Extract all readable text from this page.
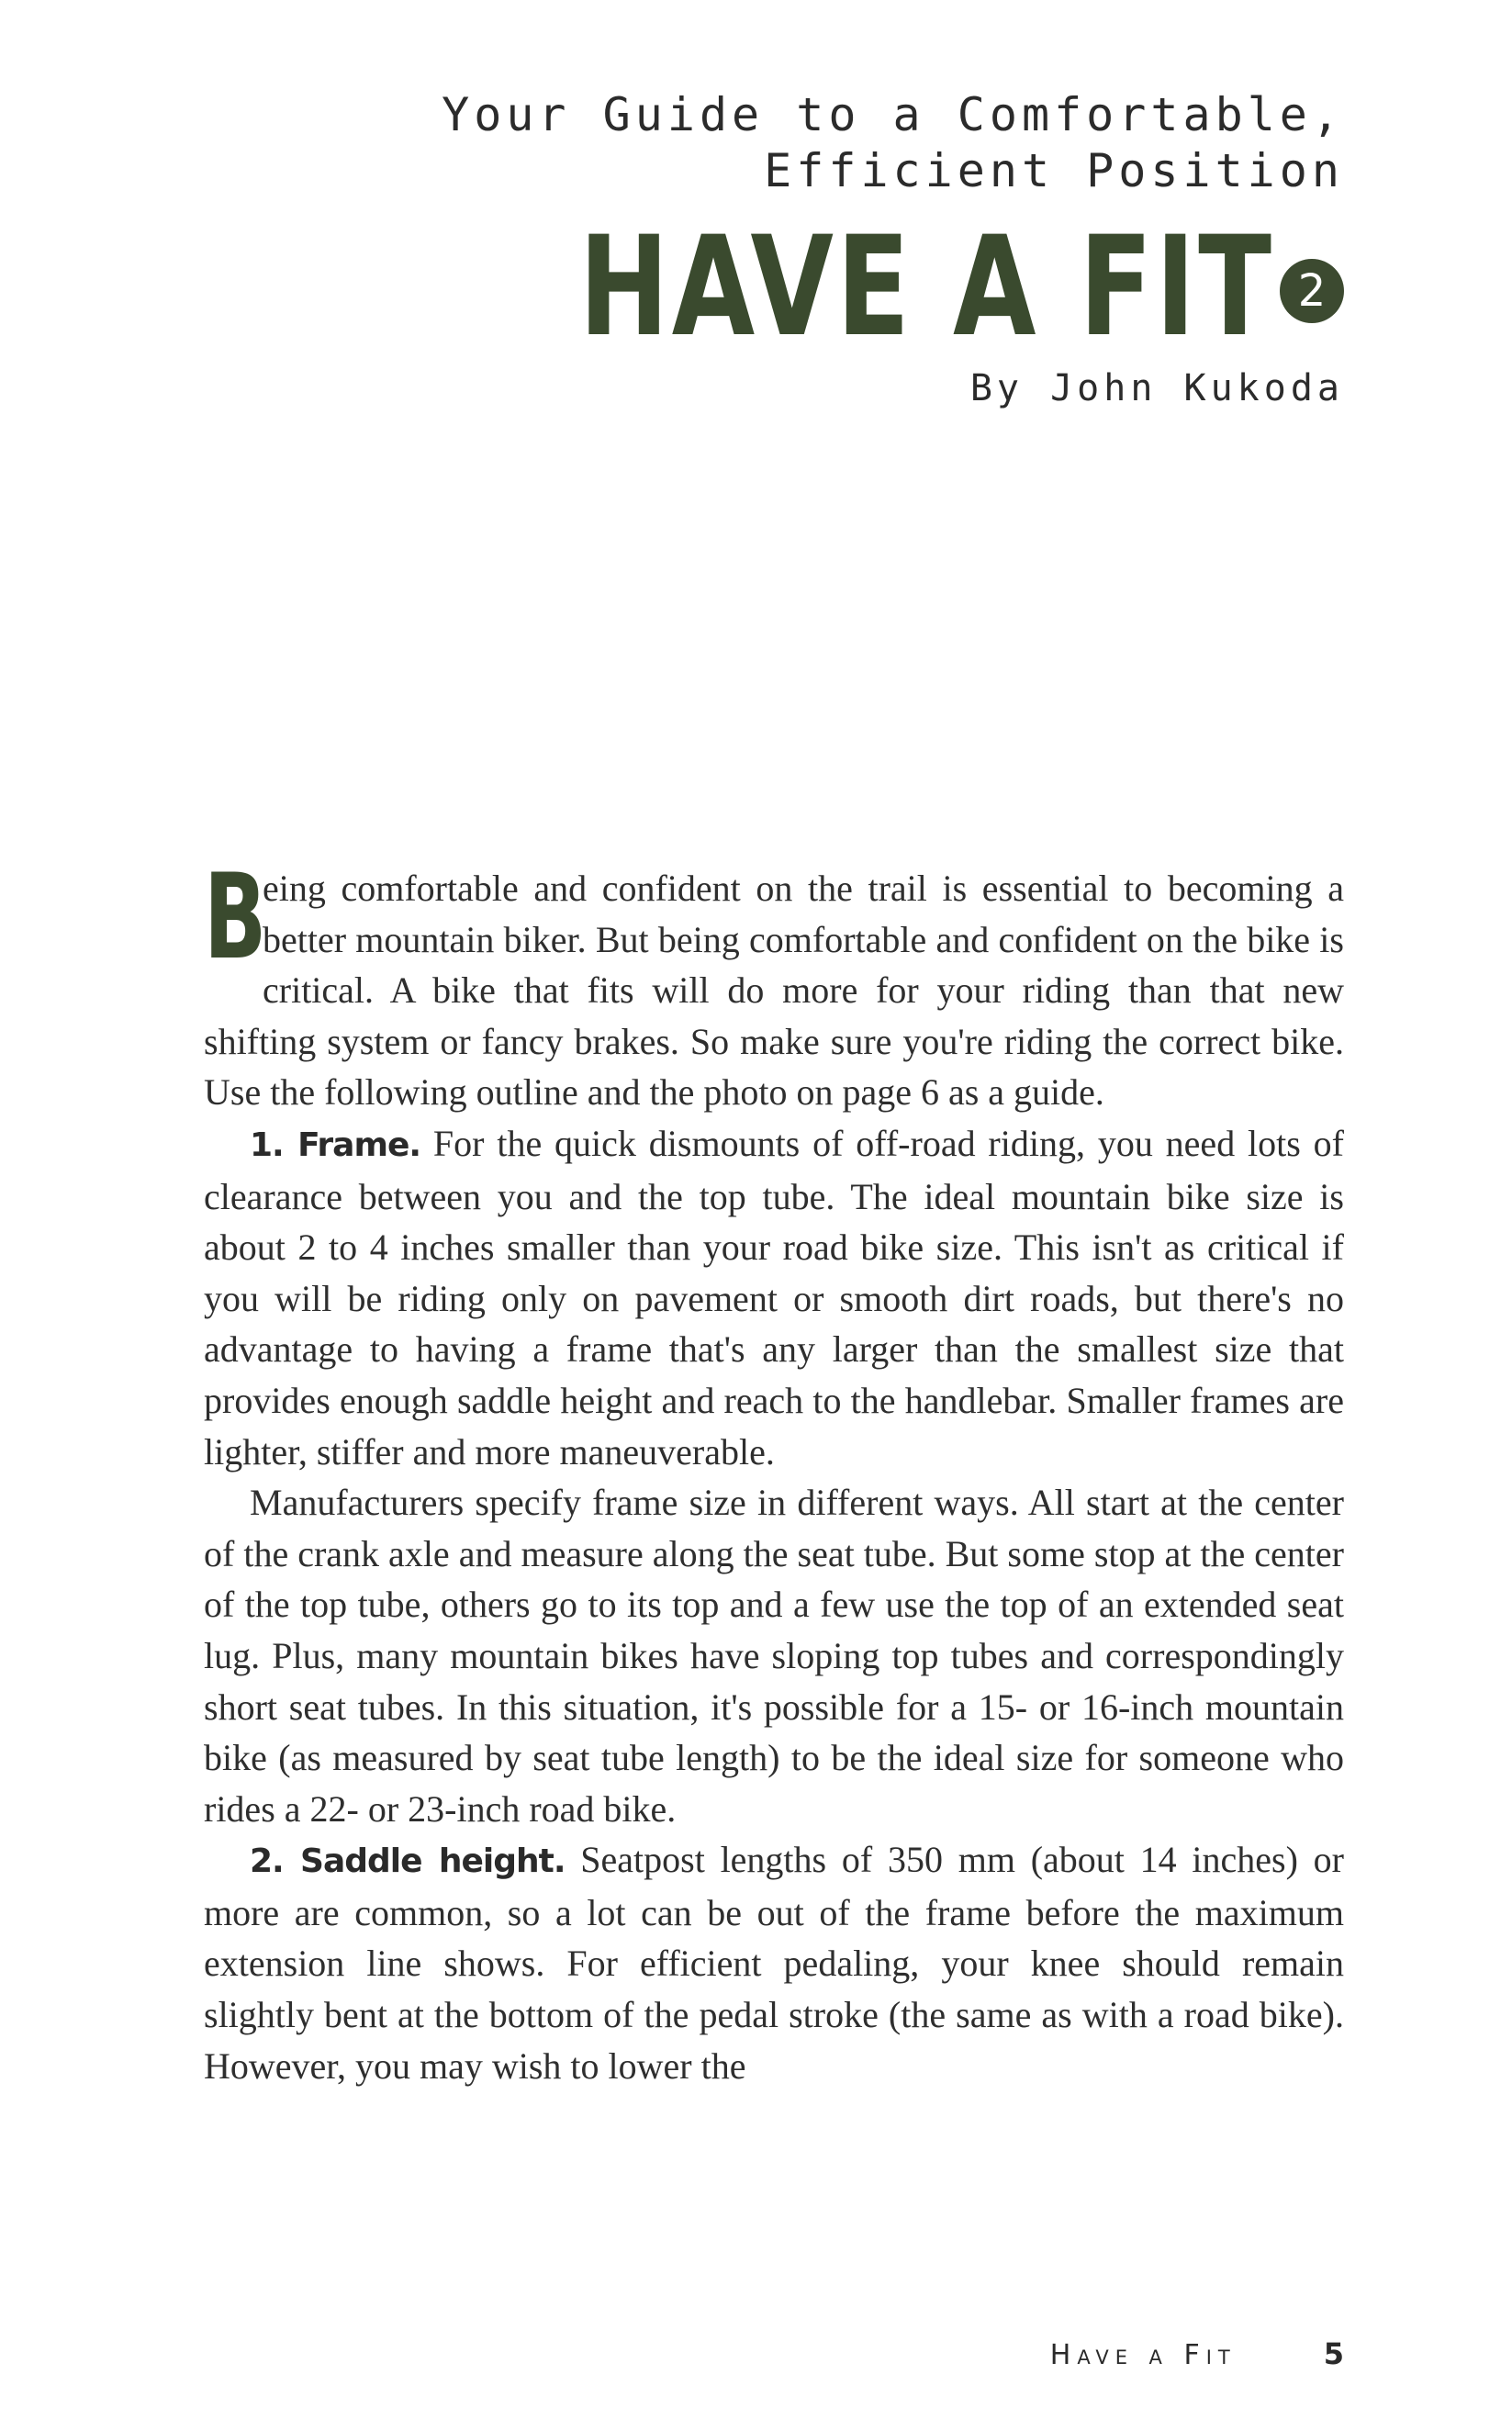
Your Guide to a Comfortable,
Efficient Position
HAVE A FIT 2
By John Kukoda

B
eing comfortable and confident on the trail is essential to becoming a better mountain biker. But being comfortable and confident on the bike is critical. A bike that fits will do more for your riding than that new shifting system or fancy brakes. So make sure you're riding the correct bike. Use the following outline and the photo on page 6 as a guide.

1. Frame. For the quick dismounts of off-road riding, you need lots of clearance between you and the top tube. The ideal mountain bike size is about 2 to 4 inches smaller than your road bike size. This isn't as critical if you will be riding only on pavement or smooth dirt roads, but there's no advantage to having a frame that's any larger than the smallest size that provides enough saddle height and reach to the handlebar. Smaller frames are lighter, stiffer and more maneuverable.

Manufacturers specify frame size in different ways. All start at the center of the crank axle and measure along the seat tube. But some stop at the center of the top tube, others go to its top and a few use the top of an extended seat lug. Plus, many mountain bikes have sloping top tubes and correspondingly short seat tubes. In this situation, it's possible for a 15- or 16-inch mountain bike (as measured by seat tube length) to be the ideal size for someone who rides a 22- or 23-inch road bike.

2. Saddle height. Seatpost lengths of 350 mm (about 14 inches) or more are common, so a lot can be out of the frame before the maximum extension line shows. For efficient pedaling, your knee should remain slightly bent at the bottom of the pedal stroke (the same as with a road bike). However, you may wish to lower the

Have a Fit	5
